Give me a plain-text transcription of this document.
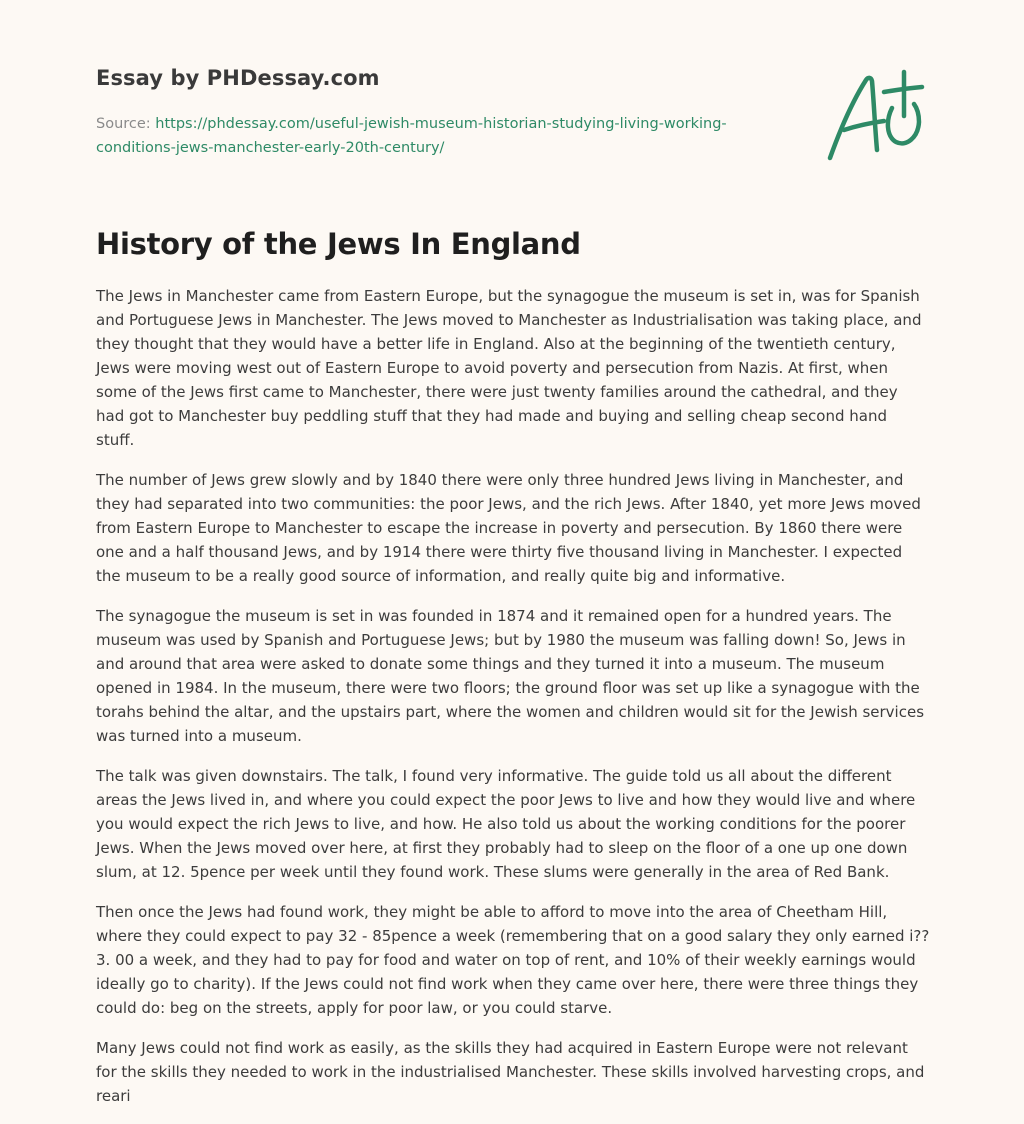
Essay by PHDessay.com
Source: https://phdessay.com/useful-jewish-museum-historian-studying-living-working-conditions-jews-manchester-early-20th-century/
History of the Jews In England

The Jews in Manchester came from Eastern Europe, but the synagogue the museum is set in, was for Spanish and Portuguese Jews in Manchester. The Jews moved to Manchester as Industrialisation was taking place, and they thought that they would have a better life in England. Also at the beginning of the twentieth century, Jews were moving west out of Eastern Europe to avoid poverty and persecution from Nazis. At first, when some of the Jews first came to Manchester, there were just twenty families around the cathedral, and they had got to Manchester buy peddling stuff that they had made and buying and selling cheap second hand stuff.

The number of Jews grew slowly and by 1840 there were only three hundred Jews living in Manchester, and they had separated into two communities: the poor Jews, and the rich Jews. After 1840, yet more Jews moved from Eastern Europe to Manchester to escape the increase in poverty and persecution. By 1860 there were one and a half thousand Jews, and by 1914 there were thirty five thousand living in Manchester. I expected the museum to be a really good source of information, and really quite big and informative.

The synagogue the museum is set in was founded in 1874 and it remained open for a hundred years. The museum was used by Spanish and Portuguese Jews; but by 1980 the museum was falling down! So, Jews in and around that area were asked to donate some things and they turned it into a museum. The museum opened in 1984. In the museum, there were two floors; the ground floor was set up like a synagogue with the torahs behind the altar, and the upstairs part, where the women and children would sit for the Jewish services was turned into a museum.

The talk was given downstairs. The talk, I found very informative. The guide told us all about the different areas the Jews lived in, and where you could expect the poor Jews to live and how they would live and where you would expect the rich Jews to live, and how. He also told us about the working conditions for the poorer Jews. When the Jews moved over here, at first they probably had to sleep on the floor of a one up one down slum, at 12. 5pence per week until they found work. These slums were generally in the area of Red Bank.

Then once the Jews had found work, they might be able to afford to move into the area of Cheetham Hill, where they could expect to pay 32 - 85pence a week (remembering that on a good salary they only earned i??3. 00 a week, and they had to pay for food and water on top of rent, and 10% of their weekly earnings would ideally go to charity). If the Jews could not find work when they came over here, there were three things they could do: beg on the streets, apply for poor law, or you could starve.

Many Jews could not find work as easily, as the skills they had acquired in Eastern Europe were not relevant for the skills they needed to work in the industrialised Manchester. These skills involved harvesting crops, and reari
